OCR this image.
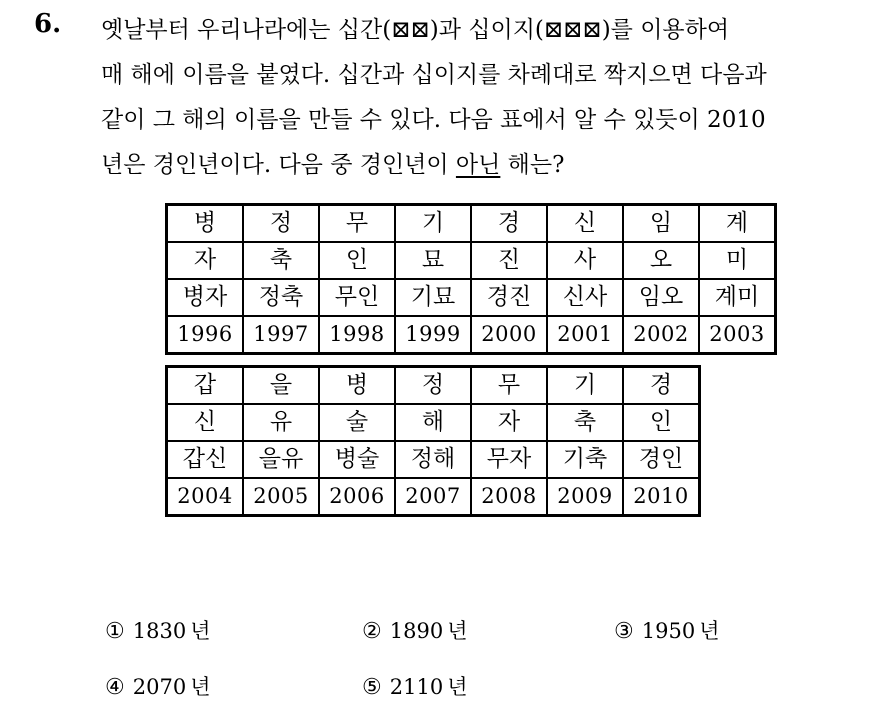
6. 옛날부터 우리나라에는 십간(⊠⊠)과 십이지(⊠⊠⊠)를 이용하여
매 해에 이름을 붙였다. 십간과 십이지를 차례대로 짝지으면 다음과
같이 그 해의 이름을 만들 수 있다. 다음 표에서 알 수 있듯이 2010
년은 경인년이다. 다음 중 경인년이 아닌 해는?
병	정	무	기	경	신	임	계
자	축	인	묘	진	사	오	미
병자	정축	무인	기묘	경진	신사	임오	계미
1996	1997	1998	1999	2000	2001	2002	2003
갑	을	병	정	무	기	경
신	유	술	해	자	축	인
갑신	을유	병술	정해	무자	기축	경인
2004	2005	2006	2007	2008	2009	2010
① 1830 년	② 1890 년	③ 1950 년
④ 2070 년	⑤ 2110 년
